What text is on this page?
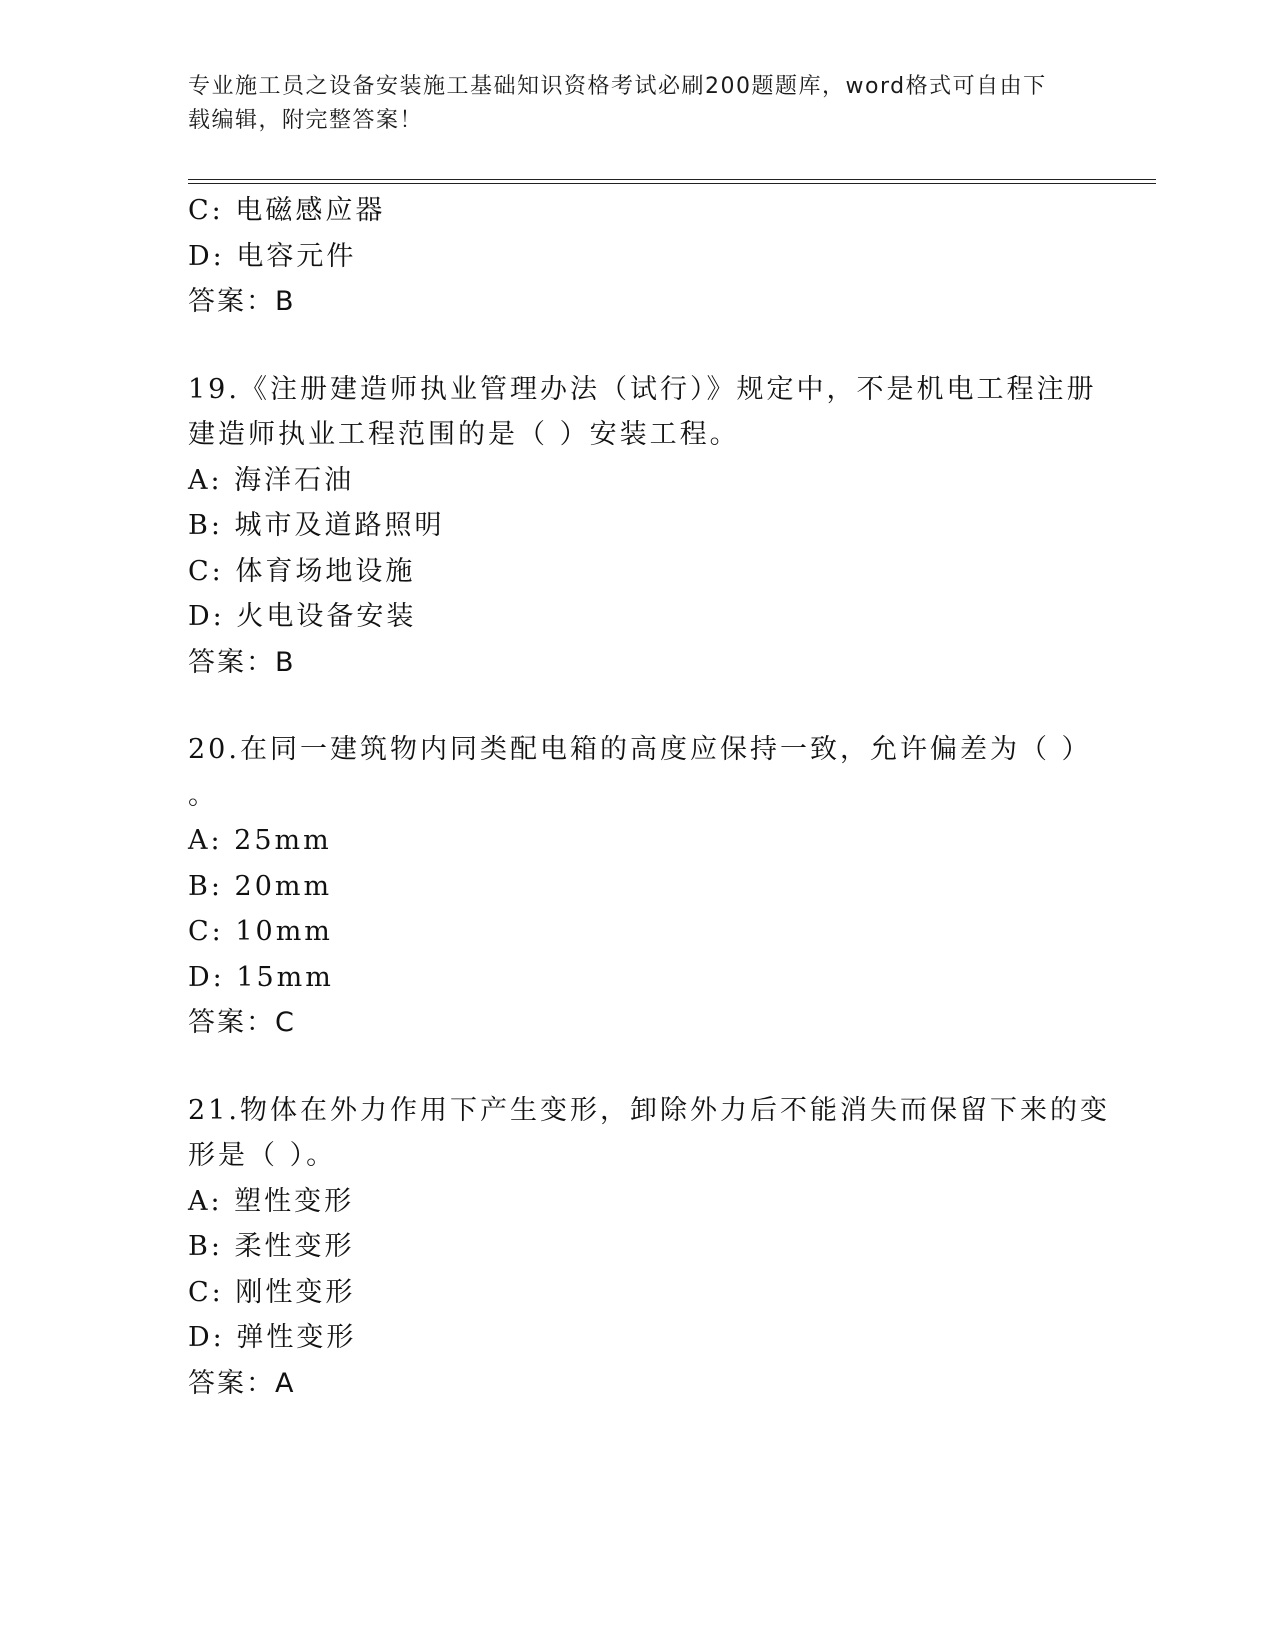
专业施工员之设备安装施工基础知识资格考试必刷200题题库，word格式可自由下载编辑，附完整答案！
C: 电磁感应器
D: 电容元件
答案：B
19.《注册建造师执业管理办法（试行）》规定中，不是机电工程注册
建造师执业工程范围的是（ ）安装工程。
A: 海洋石油
B: 城市及道路照明
C: 体育场地设施
D: 火电设备安装
答案：B
20.在同一建筑物内同类配电箱的高度应保持一致，允许偏差为（ ）
。
A: 25mm
B: 20mm
C: 10mm
D: 15mm
答案：C
21.物体在外力作用下产生变形，卸除外力后不能消失而保留下来的变
形是（ ）。
A: 塑性变形
B: 柔性变形
C: 刚性变形
D: 弹性变形
答案：A
